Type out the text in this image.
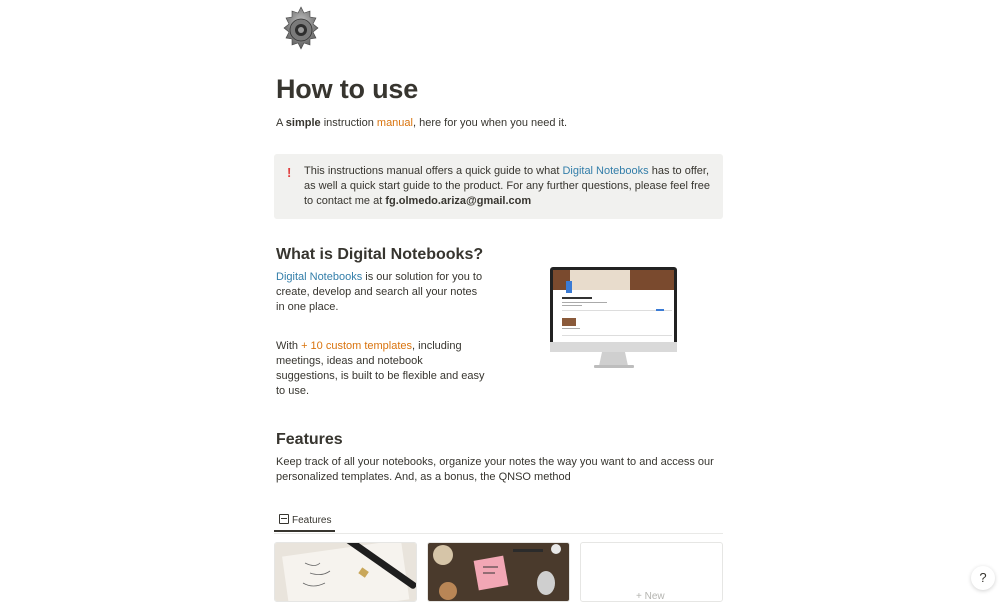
How to use
A simple instruction manual, here for you when you need it.
! This instructions manual offers a quick guide to what Digital Notebooks has to offer, as well a quick start guide to the product. For any further questions, please feel free to contact me at fg.olmedo.ariza@gmail.com
What is Digital Notebooks?
Digital Notebooks is our solution for you to create, develop and search all your notes in one place.
With + 10 custom templates, including meetings, ideas and notebook suggestions, is built to be flexible and easy to use.
Features
Keep track of all your notebooks, organize your notes the way you want to and access our personalized templates. And, as a bonus, the QNSO method
Features
+ New
?
